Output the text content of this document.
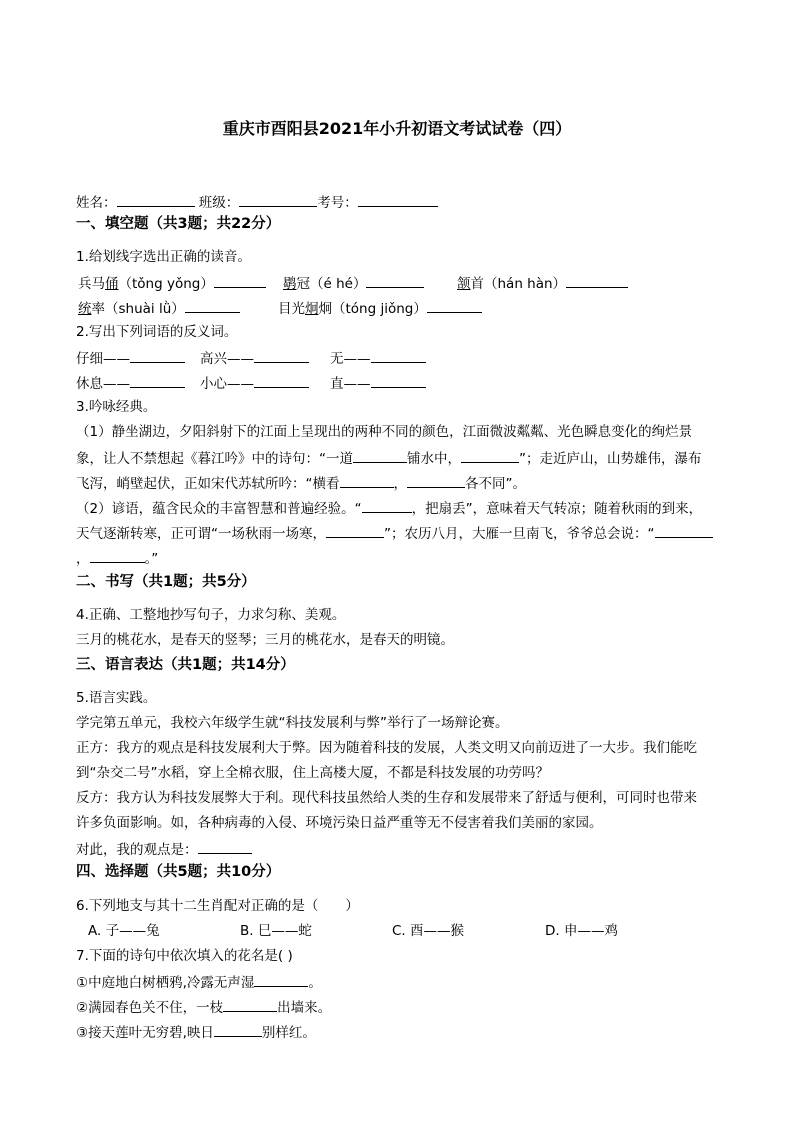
重庆市酉阳县2021年小升初语文考试试卷（四）
姓名：	班级：	考号：
一、填空题（共3题；共22分）
1.给划线字选出正确的读音。
兵马俑（tǒng yǒng）	鹖冠（é hé）	颔首（hán hàn）
统率（shuài lǜ）	目光炯炯（tóng jiǒng）
2.写出下列词语的反义词。
仔细——	高兴——	无——
休息——	小心——	直——
3.吟咏经典。
（1）静坐湖边，夕阳斜射下的江面上呈现出的两种不同的颜色，江面微波粼粼、光色瞬息变化的绚烂景
象，让人不禁想起《暮江吟》中的诗句：“一道	铺水中，	”；走近庐山，山势雄伟，瀑布
飞泻，峭壁起伏，正如宋代苏轼所吟：“横看	，	各不同”。
（2）谚语，蕴含民众的丰富智慧和普遍经验。“	，把扇丢”，意味着天气转凉；随着秋雨的到来，
天气逐渐转寒，正可谓“一场秋雨一场寒，	”；农历八月，大雁一旦南飞，爷爷总会说：“
，	。”
二、书写（共1题；共5分）
4.正确、工整地抄写句子，力求匀称、美观。
三月的桃花水，是春天的竖琴；三月的桃花水，是春天的明镜。
三、语言表达（共1题；共14分）
5.语言实践。
学完第五单元，我校六年级学生就“科技发展利与弊”举行了一场辩论赛。
正方：我方的观点是科技发展利大于弊。因为随着科技的发展，人类文明又向前迈进了一大步。我们能吃
到“杂交二号”水稻，穿上全棉衣服，住上高楼大厦，不都是科技发展的功劳吗？
反方：我方认为科技发展弊大于利。现代科技虽然给人类的生存和发展带来了舒适与便利，可同时也带来
许多负面影响。如，各种病毒的入侵、环境污染日益严重等无不侵害着我们美丽的家园。
对此，我的观点是：
四、选择题（共5题；共10分）
6.下列地支与其十二生肖配对正确的是（　　）
A. 子——兔	B. 巳——蛇	C. 酉——猴	D. 申——鸡
7.下面的诗句中依次填入的花名是( )
①中庭地白树栖鸦,冷露无声湿	。
②满园春色关不住，一枝	出墙来。
③接天莲叶无穷碧,映日	别样红。
